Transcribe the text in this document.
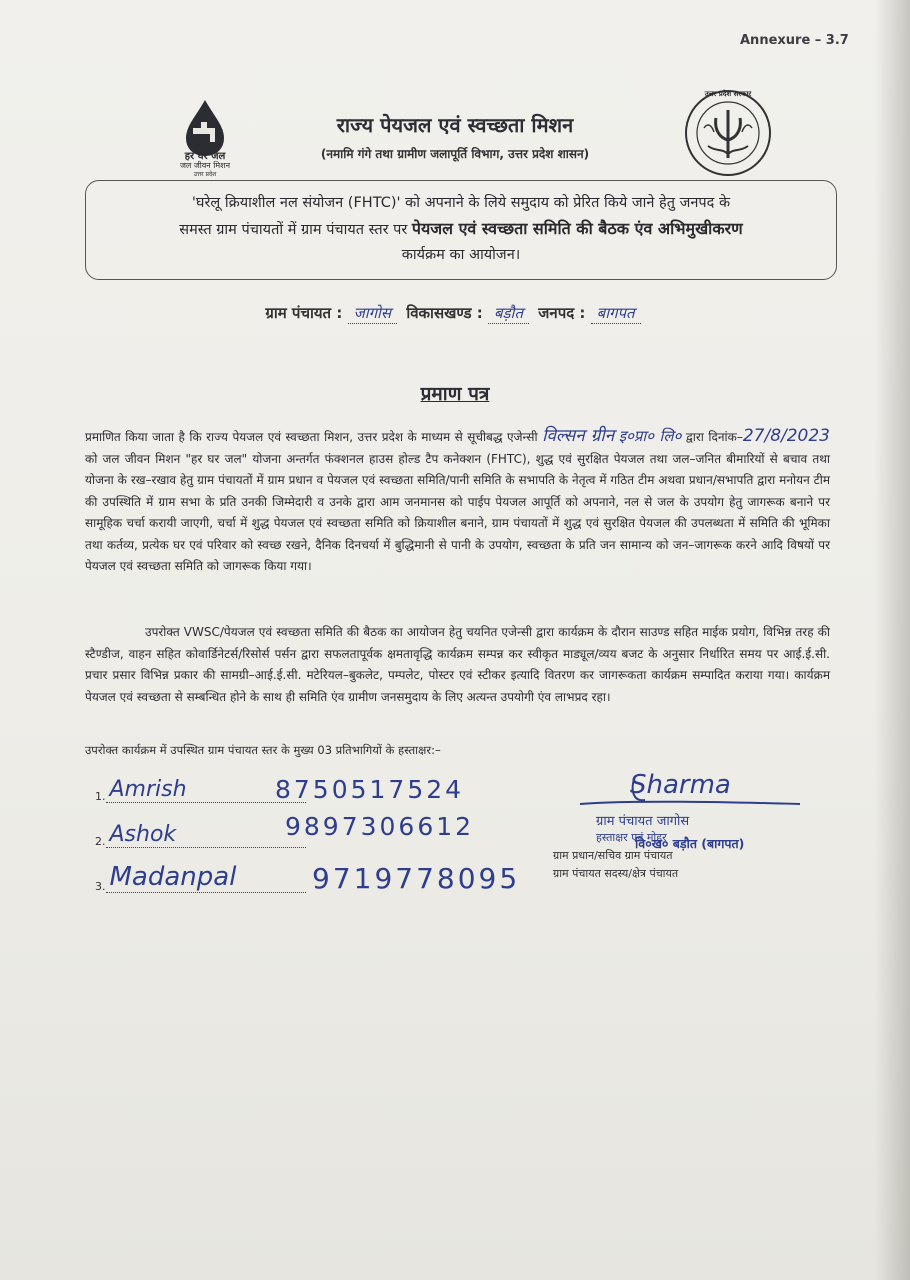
Annexure – 3.7
हर घर जल
जल जीवन मिशन
उत्तर प्रदेश
उत्तर प्रदेश सरकार
राज्य पेयजल एवं स्वच्छता मिशन
(नमामि गंगे तथा ग्रामीण जलापूर्ति विभाग, उत्तर प्रदेश शासन)
'घरेलू क्रियाशील नल संयोजन (FHTC)' को अपनाने के लिये समुदाय को प्रेरित किये जाने हेतु जनपद के
समस्त ग्राम पंचायतों में ग्राम पंचायत स्तर पर पेयजल एवं स्वच्छता समिति की बैठक एंव अभिमुखीकरण
कार्यक्रम का आयोजन।
ग्राम पंचायत : जागोस विकासखण्ड : बड़ौत जनपद : बागपत
प्रमाण पत्र
प्रमाणित किया जाता है कि राज्य पेयजल एवं स्वच्छता मिशन, उत्तर प्रदेश के माध्यम से सूचीबद्ध एजेन्सी विल्सन ग्रीन इ०प्रा० लि० द्वारा दिनांक–27/8/2023 को जल जीवन मिशन "हर घर जल" योजना अन्तर्गत फंक्शनल हाउस होल्ड टैप कनेक्शन (FHTC), शुद्ध एवं सुरक्षित पेयजल तथा जल–जनित बीमारियों से बचाव तथा योजना के रख–रखाव हेतु ग्राम पंचायतों में ग्राम प्रधान व पेयजल एवं स्वच्छता समिति/पानी समिति के सभापति के नेतृत्व में गठित टीम अथवा प्रधान/सभापति द्वारा मनोयन टीम की उपस्थिति में ग्राम सभा के प्रति उनकी जिम्मेदारी व उनके द्वारा आम जनमानस को पाईप पेयजल आपूर्ति को अपनाने, नल से जल के उपयोग हेतु जागरूक बनाने पर सामूहिक चर्चा करायी जाएगी, चर्चा में शुद्ध पेयजल एवं स्वच्छता समिति को क्रियाशील बनाने, ग्राम पंचायतों में शुद्ध एवं सुरक्षित पेयजल की उपलब्धता में समिति की भूमिका तथा कर्तव्य, प्रत्येक घर एवं परिवार को स्वच्छ रखने, दैनिक दिनचर्या में बुद्धिमानी से पानी के उपयोग, स्वच्छता के प्रति जन सामान्य को जन–जागरूक करने आदि विषयों पर पेयजल एवं स्वच्छता समिति को जागरूक किया गया।
उपरोक्त VWSC/पेयजल एवं स्वच्छता समिति की बैठक का आयोजन हेतु चयनित एजेन्सी द्वारा कार्यक्रम के दौरान साउण्ड सहित माईक प्रयोग, विभिन्न तरह की स्टैण्डीज, वाहन सहित कोवार्डिनेटर्स/रिसोर्स पर्सन द्वारा सफलतापूर्वक क्षमतावृद्धि कार्यक्रम सम्पन्न कर स्वीकृत माड्यूल/व्यय बजट के अनुसार निर्धारित समय पर आई.ई.सी. प्रचार प्रसार विभिन्न प्रकार की सामग्री–आई.ई.सी. मटेरियल–बुकलेट, पम्पलेट, पोस्टर एवं स्टीकर इत्यादि वितरण कर जागरूकता कार्यक्रम सम्पादित कराया गया। कार्यक्रम पेयजल एवं स्वच्छता से सम्बन्धित होने के साथ ही समिति एंव ग्रामीण जनसमुदाय के लिए अत्यन्त उपयोगी एंव लाभप्रद रहा।
उपरोक्त कार्यक्रम में उपस्थित ग्राम पंचायत स्तर के मुख्य 03 प्रतिभागियों के हस्ताक्षर:–
1. Amrish	8750517524
2. Ashok	9897306612
3. Madanpal	9719778095
Sharma
ग्राम पंचायत जागोस
हस्ताक्षर एवं मोहर
वि०ख० बड़ौत (बागपत)
ग्राम प्रधान/सचिव ग्राम पंचायत
ग्राम पंचायत सदस्य/क्षेत्र पंचायत
